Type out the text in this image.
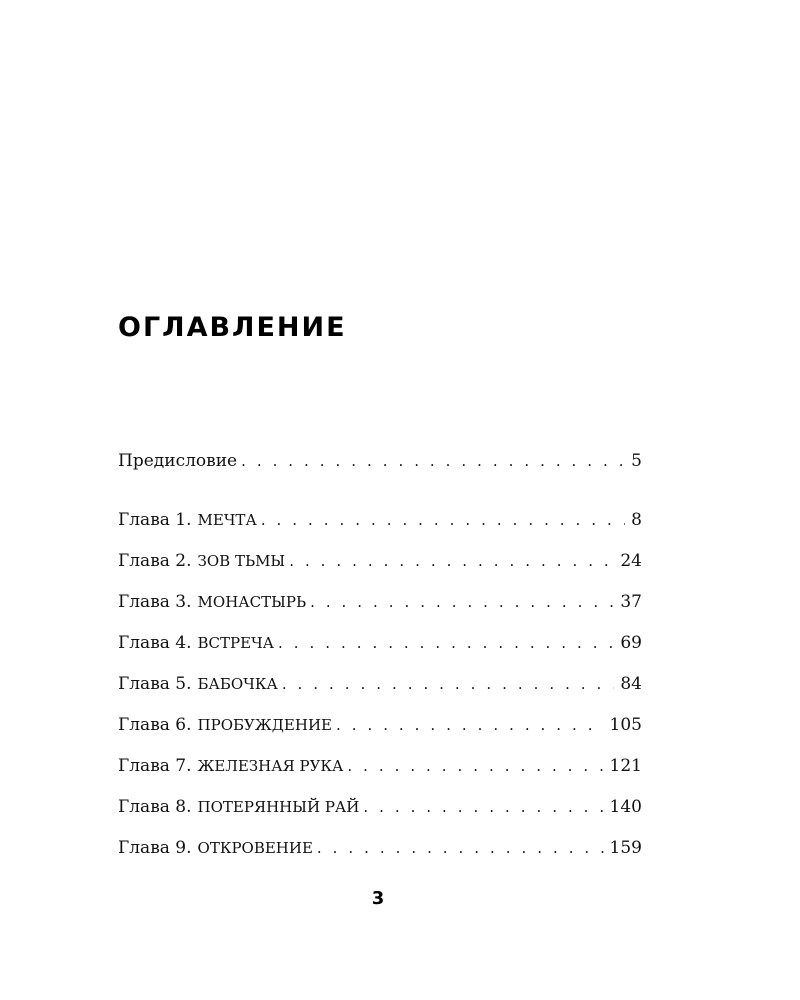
ОГЛАВЛЕНИЕ
Предисловие . . .	5
Глава 1. МЕЧТА . . .	8
Глава 2. ЗОВ ТЬМЫ . . .	24
Глава 3. МОНАСТЫРЬ . . .	37
Глава 4. ВСТРЕЧА . . .	69
Глава 5. БАБОЧКА . . .	84
Глава 6. ПРОБУЖДЕНИЕ . . .	105
Глава 7. ЖЕЛЕЗНАЯ РУКА . . .	121
Глава 8. ПОТЕРЯННЫЙ РАЙ . . .	140
Глава 9. ОТКРОВЕНИЕ . . .	159
3
